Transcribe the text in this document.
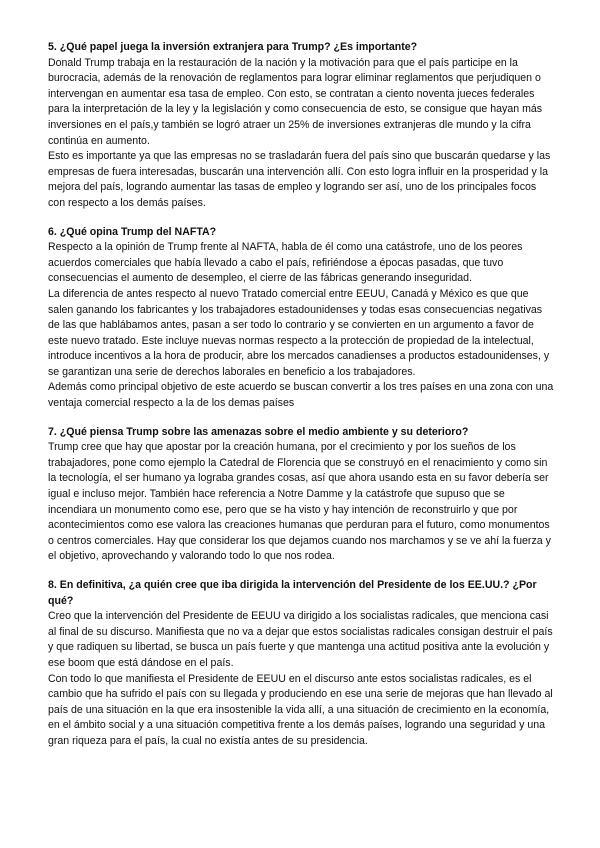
5. ¿Qué papel juega la inversión extranjera para Trump? ¿Es importante?

Donald Trump trabaja en la restauración de la nación y la motivación para que el país participe en la burocracia, además de la renovación de reglamentos para lograr eliminar reglamentos que perjudiquen o intervengan en aumentar esa tasa de empleo. Con esto, se contratan a ciento noventa jueces federales para la interpretación de la ley y la legislación y como consecuencia de esto, se consigue que hayan más inversiones en el país,y también se logró atraer un 25% de inversiones extranjeras dle mundo y la cifra continúa en aumento.

Esto es importante ya que las empresas no se trasladarán fuera del país sino que buscarán quedarse y las empresas de fuera interesadas, buscarán una intervención allí. Con esto logra influir en la prosperidad y la mejora del país, logrando aumentar las tasas de empleo y logrando ser así, uno de los principales focos con respecto a los demás países.

6. ¿Qué opina Trump del NAFTA?

Respecto a la opinión de Trump frente al NAFTA, habla de él como una catástrofe, uno de los peores acuerdos comerciales que había llevado a cabo el país, refiriéndose a épocas pasadas, que tuvo consecuencias el aumento de desempleo, el cierre de las fábricas generando inseguridad.

La diferencia de antes respecto al nuevo Tratado comercial entre EEUU, Canadá y México es que que salen ganando los fabricantes y los trabajadores estadounidenses y todas esas consecuencias negativas de las que hablábamos antes, pasan a ser todo lo contrario y se convierten en un argumento a favor de este nuevo tratado. Este incluye nuevas normas respecto a la protección de propiedad de la intelectual, introduce incentivos a la hora de producir, abre los mercados canadienses a productos estadounidenses, y se garantizan una serie de derechos laborales en beneficio a los trabajadores.

Además como principal objetivo de este acuerdo se buscan convertir a los tres países en una zona con una ventaja comercial respecto a la de los demas países

7. ¿Qué piensa Trump sobre las amenazas sobre el medio ambiente y su deterioro?

Trump cree que hay que apostar por la creación humana, por el crecimiento y por los sueños de los trabajadores, pone como ejemplo la Catedral de Florencia que se construyó en el renacimiento y como sin la tecnología, el ser humano ya lograba grandes cosas, así que ahora usando esta en su favor debería ser igual e incluso mejor. También hace referencia a Notre Damme y la catástrofe que supuso que se incendiara un monumento como ese, pero que se ha visto y hay intención de reconstruirlo y que por acontecimientos como ese valora las creaciones humanas que perduran para el futuro, como monumentos o centros comerciales. Hay que considerar los que dejamos cuando nos marchamos y se ve ahí la fuerza y el objetivo, aprovechando y valorando todo lo que nos rodea.

8. En definitiva, ¿a quién cree que iba dirigida la intervención del Presidente de los EE.UU.? ¿Por qué?

Creo que la intervención del Presidente de EEUU va dirigido a los socialistas radicales, que menciona casi al final de su discurso. Manifiesta que no va a dejar que estos socialistas radicales consigan destruir el país y que radiquen su libertad, se busca un país fuerte y que mantenga una actitud positiva ante la evolución y ese boom que está dándose en el país.

Con todo lo que manifiesta el Presidente de EEUU en el discurso ante estos socialistas radicales, es el cambio que ha sufrido el país con su llegada y produciendo en ese una serie de mejoras que han llevado al país de una situación en la que era insostenible la vida allí, a una situación de crecimiento en la economía, en el ámbito social y a una situación competitiva frente a los demás países, logrando una seguridad y una gran riqueza para el país, la cual no existía antes de su presidencia.
